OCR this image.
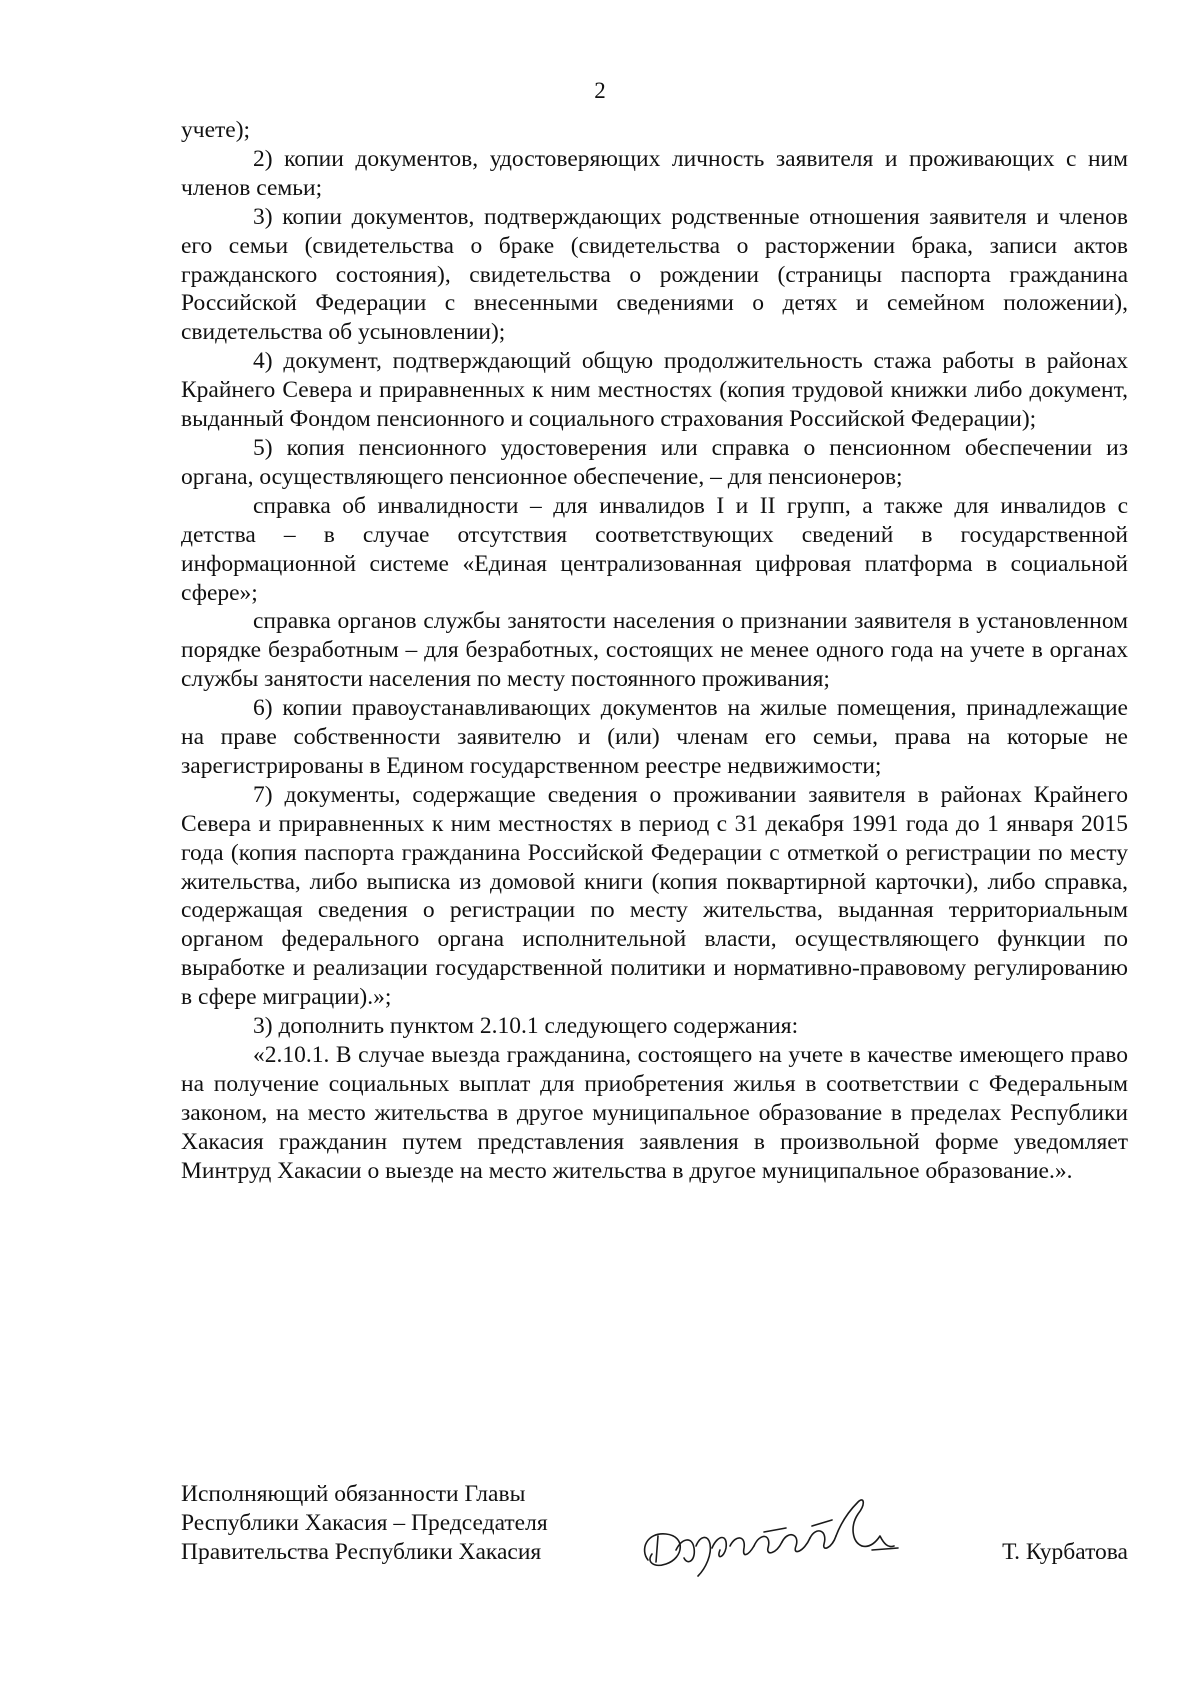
2

учете);

2) копии документов, удостоверяющих личность заявителя и проживающих с ним членов семьи;

3) копии документов, подтверждающих родственные отношения заявителя и членов его семьи (свидетельства о браке (свидетельства о расторжении брака, записи актов гражданского состояния), свидетельства о рождении (страницы паспорта гражданина Российской Федерации с внесенными сведениями о детях и семейном положении), свидетельства об усыновлении);

4) документ, подтверждающий общую продолжительность стажа работы в районах Крайнего Севера и приравненных к ним местностях (копия трудовой книжки либо документ, выданный Фондом пенсионного и социального страхования Российской Федерации);

5) копия пенсионного удостоверения или справка о пенсионном обеспечении из органа, осуществляющего пенсионное обеспечение, – для пенсионеров;

справка об инвалидности – для инвалидов I и II групп, а также для инвалидов с детства – в случае отсутствия соответствующих сведений в государственной информационной системе «Единая централизованная цифровая платформа в социальной сфере»;

справка органов службы занятости населения о признании заявителя в установленном порядке безработным – для безработных, состоящих не менее одного года на учете в органах службы занятости населения по месту постоянного проживания;

6) копии правоустанавливающих документов на жилые помещения, принадлежащие на праве собственности заявителю и (или) членам его семьи, права на которые не зарегистрированы в Едином государственном реестре недвижимости;

7) документы, содержащие сведения о проживании заявителя в районах Крайнего Севера и приравненных к ним местностях в период с 31 декабря 1991 года до 1 января 2015 года (копия паспорта гражданина Российской Федерации с отметкой о регистрации по месту жительства, либо выписка из домовой книги (копия поквартирной карточки), либо справка, содержащая сведения о регистрации по месту жительства, выданная территориальным органом федерального органа исполнительной власти, осуществляющего функции по выработке и реализации государственной политики и нормативно-правовому регулированию в сфере миграции).»;

3) дополнить пунктом 2.10.1 следующего содержания:

«2.10.1. В случае выезда гражданина, состоящего на учете в качестве имеющего право на получение социальных выплат для приобретения жилья в соответствии с Федеральным законом, на место жительства в другое муниципальное образование в пределах Республики Хакасия гражданин путем представления заявления в произвольной форме уведомляет Минтруд Хакасии о выезде на место жительства в другое муниципальное образование.».

Исполняющий обязанности Главы
Республики Хакасия – Председателя
Правительства Республики Хакасия	Т. Курбатова
